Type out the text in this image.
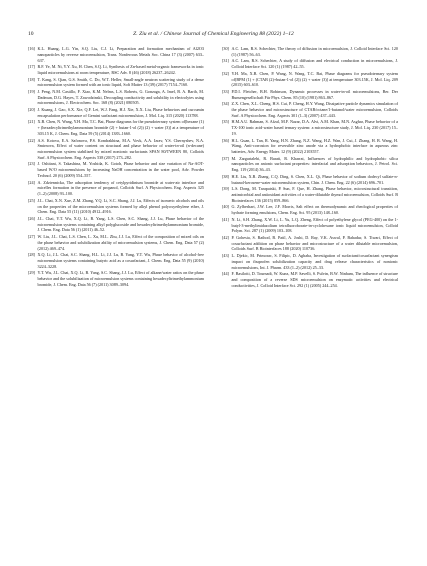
10	Z. Ziu et al. / Chinese Journal of Chemical Engineering 88 (2022) 1–12
[16] K.L. Huang, L.G. Yin, S.Q. Liu, C.J. Li, Preparation and formation mechanism of Al2O3 nanoparticles by reverse microemulsion, Trans. Nonferrous Metals Soc. China 17 (3) (2007) 633–637.
[17] R.F. Ye, M. Ni, Y.Y. Xu, H. Chen, S.Q. Li, Synthesis of Zn-based metal-organic frameworks in ionic liquid microemulsions at room temperature, RSC Adv. 8 (46) (2018) 26237–26242.
[18] T. Kang, S. Qian, G.S. Smith, C. Do, W.T. Heller, Small-angle neutron scattering study of a dense microemulsion system formed with an ionic liquid, Soft Matter 13 (39) (2017) 7154–7160.
[19] J. Peng, N.M. Castillo, F. Xiao, K.M. Nelms, L.S. Roberts, G. Gonzaga, A. Imel, B. A. Barth, M. Dadmun, D.G. Hayes, T. Zawodzinski, Decoupling conductivity and solubility in electrolytes using microemulsions, J. Electrochem. Soc. 168 (8) (2021) 080505.
[20] J. Kuang, J. Gao, S.X. Xie, Q.F. Lei, W.J. Fang, H.J. Xie, X.X. Liu, Phase behaviors and curcumin encapsulation performance of Gemini surfactant microemulsion, J. Mol. Liq. 315 (2020) 113788.
[21] X.B. Chen, N. Wang, Y.H. Ma, T.C. Bai, Phase diagrams for the pseudoternary system of[hexane (1) + (hexadecyltrimethylammonium bromide (2) + butan-1-ol (2)) (2) + water (3)] at a temperature of 303.15 K, J. Chem. Eng. Data 59 (5) (2014) 1383–1660.
[22] A.S. Kotova, E.A. Safonova, P.S. Kondrakhina, M.A. Vovk, A.A. Izrav, Y.S. Chernyshev, N.A. Smirnova, Effect of water content on structural and phase behavior of water-in-oil (n-decane) microemulsion system stabilized by mixed nonionic surfactants SPAN 80/TWEEN 80, Colloids Surf. A Physicochem. Eng. Aspects 538 (2017) 273–282.
[23] J. Oshitani, S. Takashina, M. Yoshida, K. Gotoh, Phase behavior and size variation of Na-AOT-based W/O microemulsions by increasing NaOH concentration in the water pool, Adv. Powder Technol. 20 (6) (2009) 554–557.
[24] A. Zdziennicka, The adsorption tendency of cetylpyridinium bromide at water-air interface and micelles formation in the presence of propanol, Colloids Surf. A Physicochem. Eng. Aspects 325 (1–2) (2008) 93–100.
[25] J.L. Chai, X.N. Xue, Z.M. Zhang, Y.Q. Li, S.C. Shang, J.J. Lu, Effects of isomeric alcohols and oils on the properties of the microemulsion systems formed by alkyl phenol polyoxyethylene ether, J. Chem. Eng. Data 55 (11) (2010) 4912–4916.
[26] J.L. Chai, Y.T. Wu, X.Q. Li, B. Yang, L.S. Chen, S.C. Shang, J.J. Lu, Phase behavior of the microemulsion systems containing alkyl polyglucoside and hexadecyltrimethylammonium bromide, J. Chem. Eng. Data 56 (1) (2011) 46–52.
[27] W. Liu, J.L. Chai, L.S. Chen, L. Xu, M.L. Zhu, J.J. Lu, Effect of the composition of mixed oils on the phase behavior and solubilization ability of microemulsion systems, J. Chem. Eng. Data 57 (2) (2012) 469–474.
[28] X.Q. Li, J.L. Chai, S.C. Shang, H.L. Li, J.J. Lu, B. Yang, Y.T. Wu, Phase behavior of alcohol-free microemulsion systems containing butyric acid as a cosurfactant, J. Chem. Eng. Data 55 (9) (2010) 3224–3228.
[29] Y.T. Wu, J.L. Chai, X.Q. Li, B. Yang, S.C. Shang, J.J. Lu, Effect of alkane/water ratios on the phase behavior and the solubilization of microemulsion systems containing hexadecyltrimethylammonium bromide, J. Chem. Eng. Data 56 (7) (2011) 3089–3094.
[30] A.C. Lam, R.S. Schechter, The theory of diffusion in microemulsion, J. Colloid Interface Sci. 120 (1) (1987) 56–63.
[31] A.C. Lam, R.S. Schechter, A study of diffusion and electrical conduction in microemulsions, J. Colloid Interface Sci. 120 (1) (1987) 42–55.
[32] Y.H. Ma, X.B. Chen, P. Wang, N. Wang, T.C. Bai, Phase diagrams for pseudoternary system of[BPM (1) + (CTAB (2)+butan-1-ol (2)) (2) + water (3)] at temperature 303.15K, J. Mol. Liq. 209 (2015) 603–610.
[33] P.D.I. Fletcher, B.H. Robinson, Dynamic processes in water-in-oil microemulsions, Ber. Der Bunsengesellschaft Für Phys. Chem. 85 (10) (1981) 863–867.
[34] Z.X. Chen, X.L. Cheng, H.S. Cui, P. Cheng, H.Y. Wang, Dissipative particle dynamics simulation of the phase behavior and microstructure of CTAB/octane/1-butanol/water microemulsion, Colloids Surf. A Physicochem. Eng. Aspects 301 (1–3) (2007) 437–443.
[35] H.M.A.U. Rahman, S. Afzal, M.F. Nazar, D.A. Alvi, A.M. Khan, M.N. Asghar, Phase behavior of a TX-100 ionic acid-water based ternary system: a microstructure study, J. Mol. Liq. 230 (2017) 15–19.
[36] H.L. Guan, L. Tan, R. Yang, H.N. Zhang, N.Z. Wang, H.Z. Wan, J. Cui, J. Zhang, H. B. Wang, H. Wang, Anti-corrosion for reversible zinc anode via a hydrophobic interface in aqueous zinc batteries, Adv. Energy Mater. 12 (9) (2022) 2103557.
[37] M. Zargartalebi, R. Barati, R. Kharrat, Influences of hydrophilic and hydrophobic silica nanoparticles on anionic surfactant properties: interfacial and adsorption behaviors, J. Petrol. Sci. Eng. 119 (2014) 36–43.
[38] H.E. Liu, X.R. Zhang, C.Q. Ding, S. Chen, X.L. Qi, Phase behavior of sodium dodecyl sulfate-n-butanol-kerosene-water microemulsion system, Chin. J. Chem. Eng. 22 (6) (2014) 696–701.
[39] L.S. Dong, M. Tarapatski, P. Sun, F. Que, H. Zhang, Phase behavior, microstructural transition, antimicrobial and antioxidant activities of a water-dilutable thymol microemulsion, Colloids Surf. B Biointerfaces 136 (2015) 859–866.
[40] G. Zylberhart, J.W. Lee, J.F. Morris, Salt effect on thermodynamic and rheological properties of hydrate forming emulsions, Chem. Eng. Sci. 95 (2013) 148–160.
[41] N. Li, S.H. Zhang, X.W. Li, L. Yu, L.Q. Zheng, Effect of polyethylene glycol (PEG-400) on the 1-butyl-3-methylimidazolium tetrafluoroborate-in-cyclohexane ionic liquid microemulsion, Colloid Polym. Sci. 287 (1) (2009) 103–108.
[42] P. Gohesia, S. Rathod, B. Patil, A. Joshi, D. Ray, V.K. Aswal, P. Bahadur, S. Tiwari, Effect of cosurfactant addition on phase behavior and microstructure of a water dilutable microemulsion, Colloids Surf. B Biointerfaces 188 (2020) 110736.
[43] L. Djekic, M. Primorac, S. Filipic, D. Agbaba, Investigation of surfactant/cosurfactant synergism impact on ibuprofen solubilization capacity and drug release characteristics of nonionic microemulsions, Int. J. Pharm. 433 (1–2) (2012) 25–33.
[44] F. Basilotti, D. Tournadi, W. Kunz, M.P. Savelli, S. Pulvin, B.W. Ninham, The influence of structure and composition of a reverse SDS microemulsion on enzymatic activities and electrical conductivities, J. Colloid Interface Sci. 292 (1) (2005) 244–254.
